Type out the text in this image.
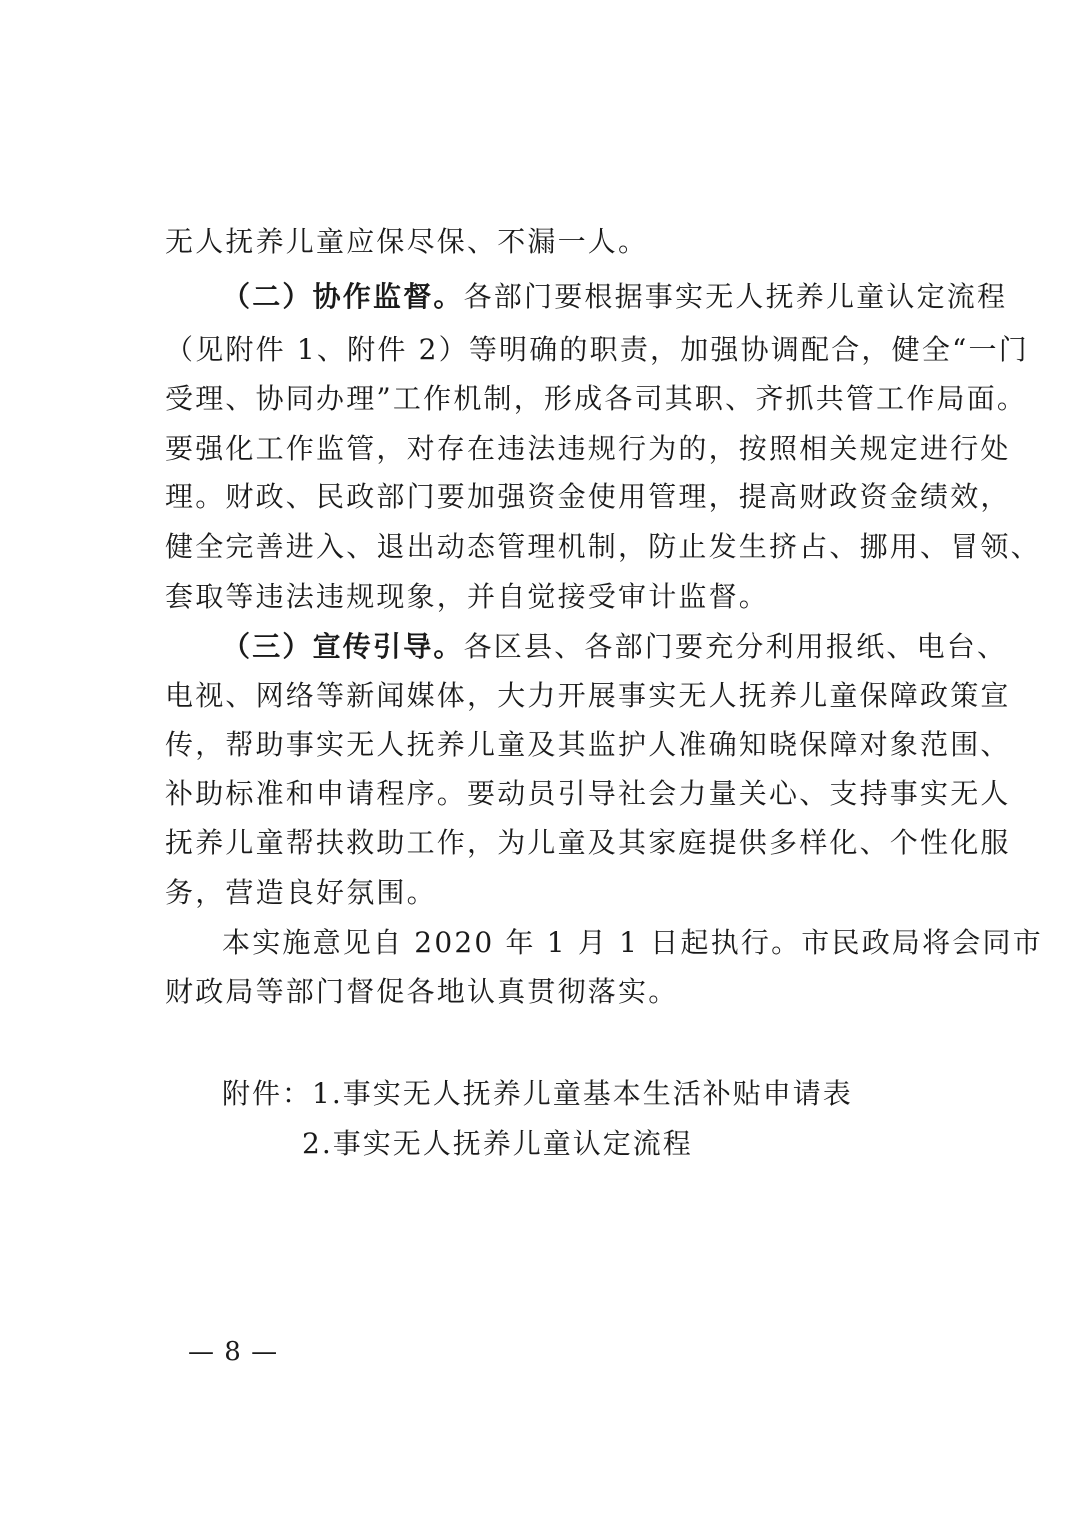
无人抚养儿童应保尽保、不漏一人。
（二）协作监督。各部门要根据事实无人抚养儿童认定流程
（见附件 1、附件 2）等明确的职责，加强协调配合，健全“一门
受理、协同办理”工作机制，形成各司其职、齐抓共管工作局面。
要强化工作监管，对存在违法违规行为的，按照相关规定进行处
理。财政、民政部门要加强资金使用管理，提高财政资金绩效，
健全完善进入、退出动态管理机制，防止发生挤占、挪用、冒领、
套取等违法违规现象，并自觉接受审计监督。
（三）宣传引导。各区县、各部门要充分利用报纸、电台、
电视、网络等新闻媒体，大力开展事实无人抚养儿童保障政策宣
传，帮助事实无人抚养儿童及其监护人准确知晓保障对象范围、
补助标准和申请程序。要动员引导社会力量关心、支持事实无人
抚养儿童帮扶救助工作，为儿童及其家庭提供多样化、个性化服
务，营造良好氛围。
本实施意见自 2020 年 1 月 1 日起执行。市民政局将会同市
财政局等部门督促各地认真贯彻落实。
附件：1.事实无人抚养儿童基本生活补贴申请表
2.事实无人抚养儿童认定流程
— 8 —
